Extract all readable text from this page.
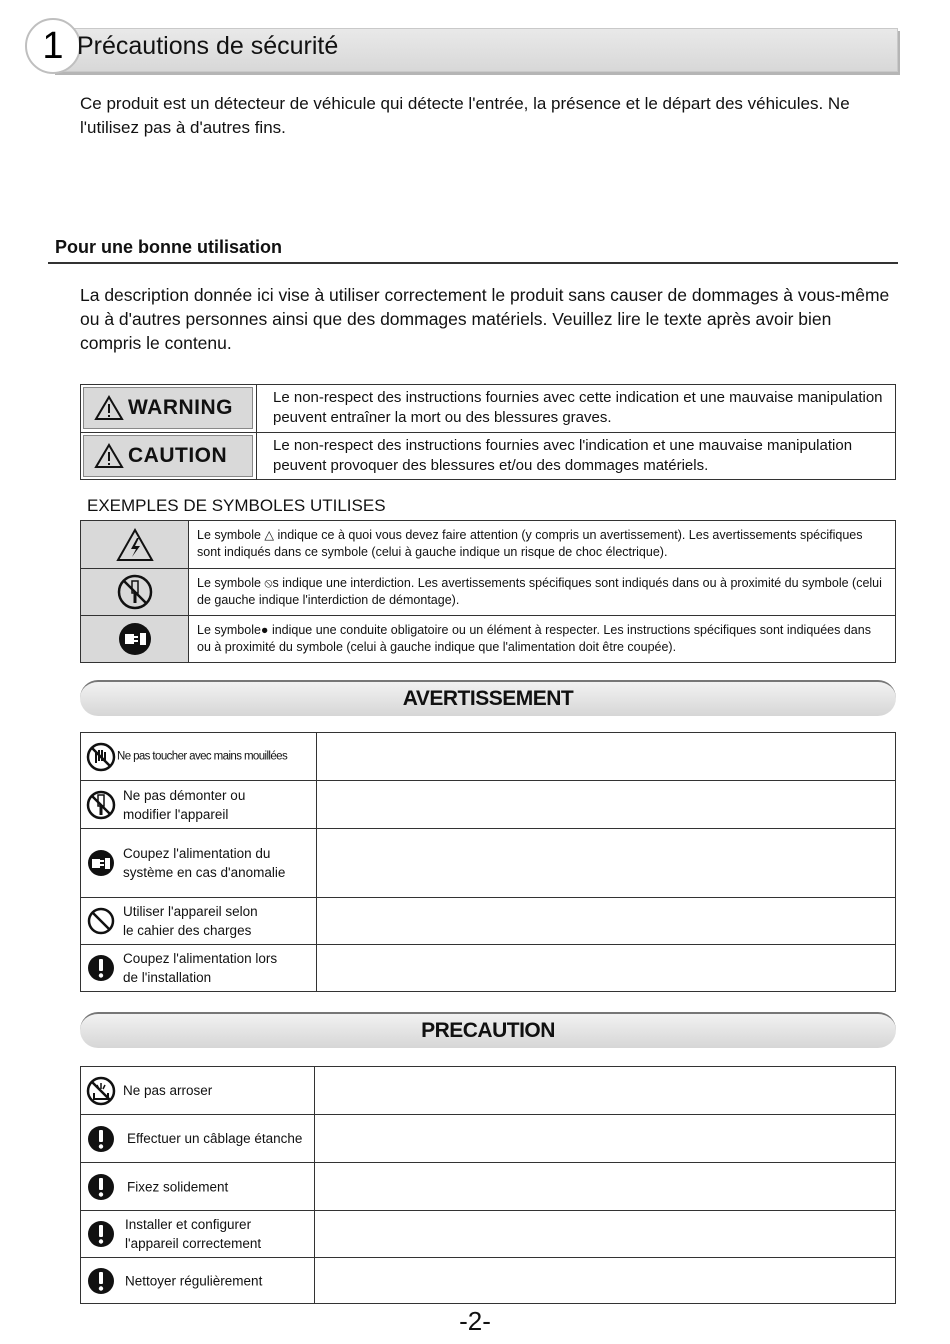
1 Précautions de sécurité

Ce produit est un détecteur de véhicule qui détecte l'entrée, la présence et le départ des véhicules. Ne l'utilisez pas à d'autres fins.

Pour une bonne utilisation

La description donnée ici vise à utiliser correctement le produit sans causer de dommages à vous-même ou à d'autres personnes ainsi que des dommages matériels. Veuillez lire le texte après avoir bien compris le contenu.

WARNING	Le non-respect des instructions fournies avec cette indication et une mauvaise manipulation peuvent entraîner la mort ou des blessures graves.
CAUTION	Le non-respect des instructions fournies avec l'indication et une mauvaise manipulation peuvent provoquer des blessures et/ou des dommages matériels.
EXEMPLES DE SYMBOLES UTILISES
Le symbole △ indique ce à quoi vous devez faire attention (y compris un avertissement). Les avertissements spécifiques sont indiqués dans ce symbole (celui à gauche indique un risque de choc électrique).
Le symbole ⦸s indique une interdiction. Les avertissements spécifiques sont indiqués dans ou à proximité du symbole (celui de gauche indique l'interdiction de démontage).
Le symbole● indique une conduite obligatoire ou un élément à respecter. Les instructions spécifiques sont indiquées dans ou à proximité du symbole (celui à gauche indique que l'alimentation doit être coupée).
AVERTISSEMENT
Ne pas toucher avec mains mouillées
Ne pas démonter ou
modifier l'appareil
Coupez l'alimentation du
système en cas d'anomalie
Utiliser l'appareil selon
le cahier des charges
Coupez l'alimentation lors
de l'installation
PRECAUTION
Ne pas arroser
Effectuer un câblage étanche
Fixez solidement
Installer et configurer
l'appareil correctement
Nettoyer régulièrement
-2-
